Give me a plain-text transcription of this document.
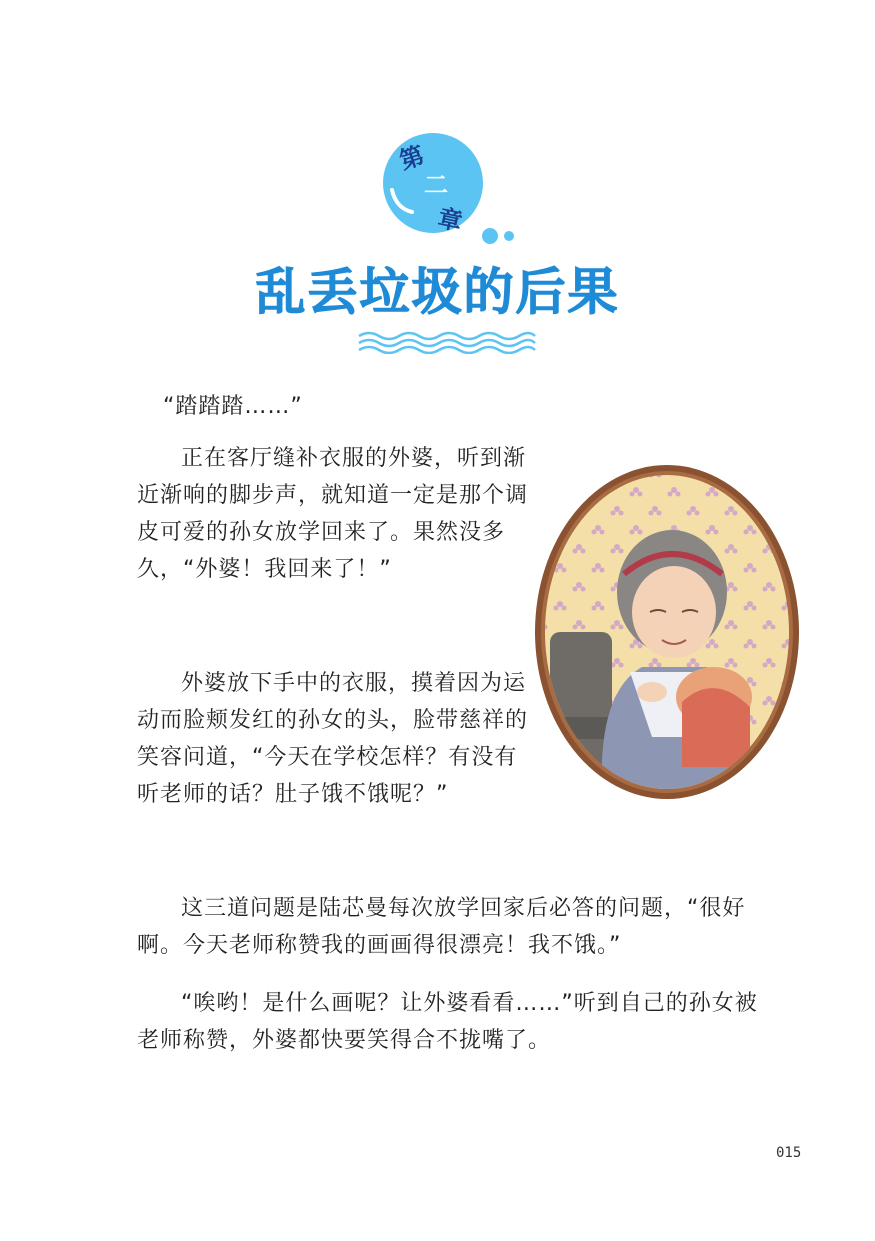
第
二
章
乱丢垃圾的后果

“踏踏踏……”

正在客厅缝补衣服的外婆，听到渐近渐响的脚步声，就知道一定是那个调皮可爱的孙女放学回来了。果然没多久，“外婆！我回来了！”

外婆放下手中的衣服，摸着因为运动而脸颊发红的孙女的头，脸带慈祥的笑容问道，“今天在学校怎样？有没有听老师的话？肚子饿不饿呢？”

这三道问题是陆芯曼每次放学回家后必答的问题，“很好啊。今天老师称赞我的画画得很漂亮！我不饿。”

“唉哟！是什么画呢？让外婆看看……”听到自己的孙女被老师称赞，外婆都快要笑得合不拢嘴了。

015
